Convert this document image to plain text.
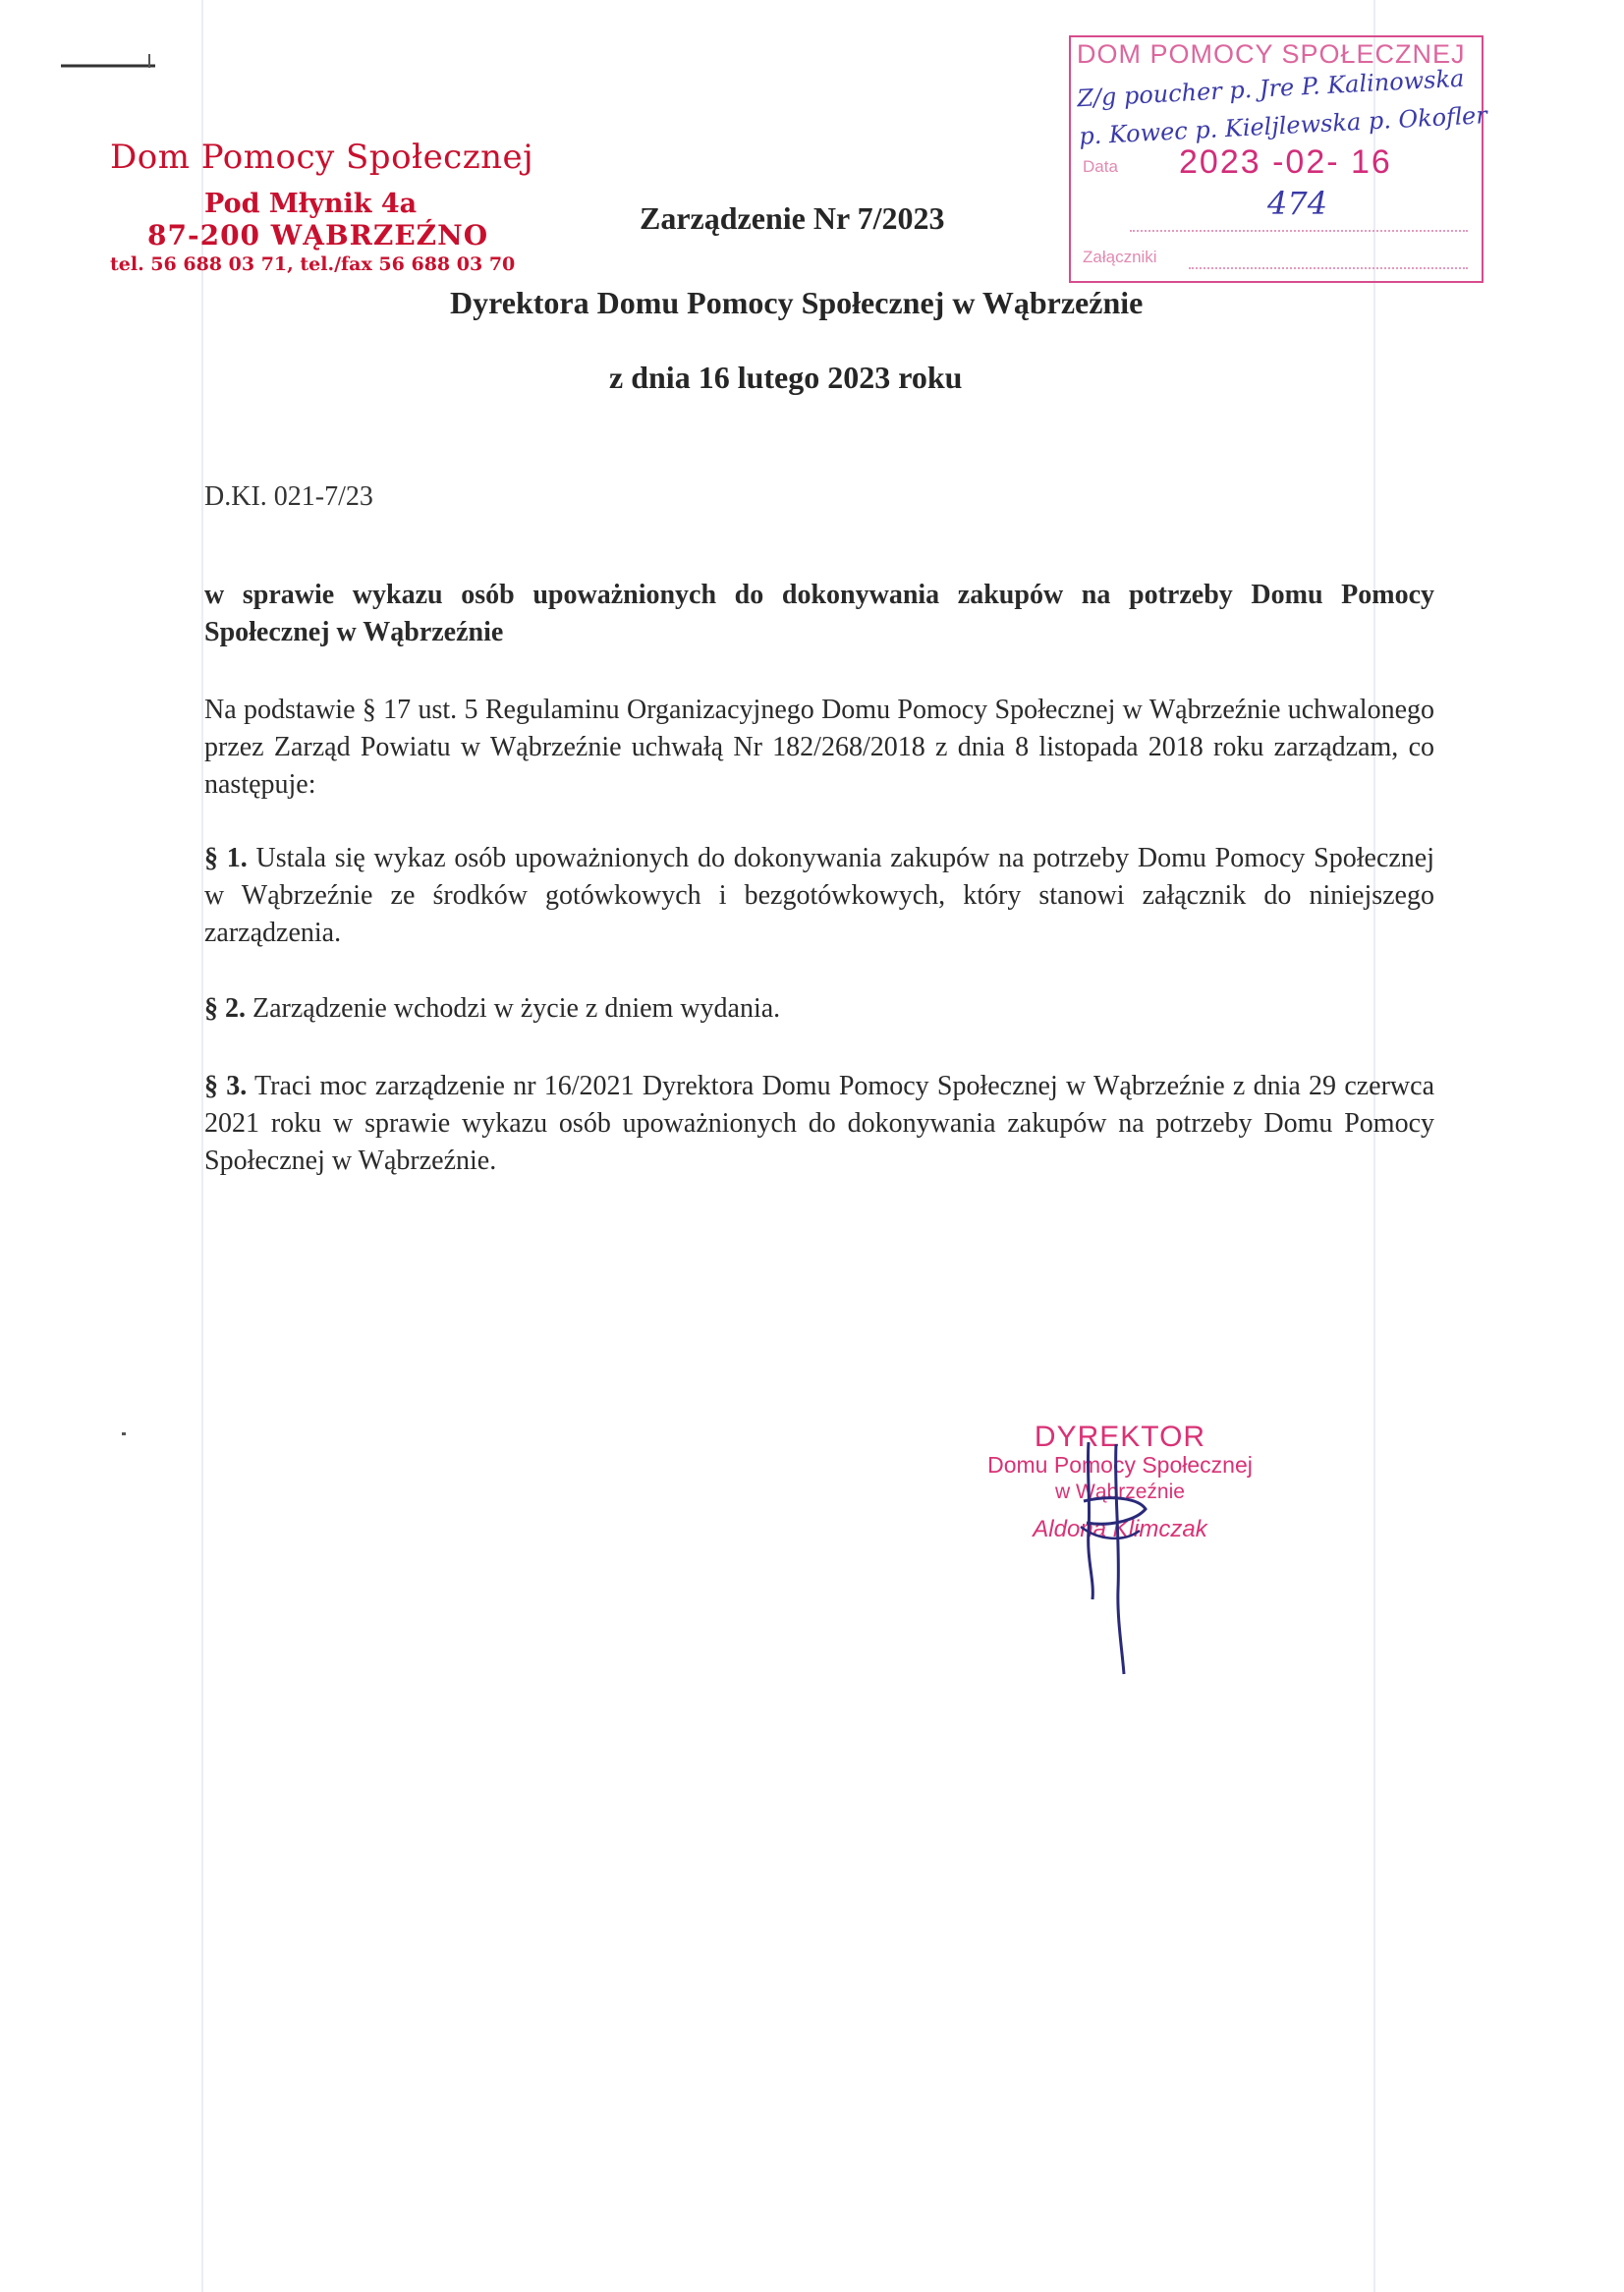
Dom Pomocy Społecznej
Pod Młynik 4a
87-200 WĄBRZEŹNO
tel. 56 688 03 71, tel./fax 56 688 03 70
DOM POMOCY SPOŁECZNEJ
Z/g poucher p. Jre P. Kalinowska
p. Kowec p. Kieljlewska p. Okofler
Data 2023 -02- 16
474
Załączniki
Zarządzenie Nr 7/2023
Dyrektora Domu Pomocy Społecznej w Wąbrzeźnie
z dnia 16 lutego 2023 roku
D.KI. 021-7/23
w sprawie wykazu osób upoważnionych do dokonywania zakupów na potrzeby Domu Pomocy Społecznej w Wąbrzeźnie
Na podstawie § 17 ust. 5 Regulaminu Organizacyjnego Domu Pomocy Społecznej w Wąbrzeźnie uchwalonego przez Zarząd Powiatu w Wąbrzeźnie uchwałą Nr 182/268/2018 z dnia 8 listopada 2018 roku zarządzam, co następuje:
§ 1. Ustala się wykaz osób upoważnionych do dokonywania zakupów na potrzeby Domu Pomocy Społecznej w Wąbrzeźnie ze środków gotówkowych i bezgotówkowych, który stanowi załącznik do niniejszego zarządzenia.
§ 2. Zarządzenie wchodzi w życie z dniem wydania.
§ 3. Traci moc zarządzenie nr 16/2021 Dyrektora Domu Pomocy Społecznej w Wąbrzeźnie z dnia 29 czerwca 2021 roku w sprawie wykazu osób upoważnionych do dokonywania zakupów na potrzeby Domu Pomocy Społecznej w Wąbrzeźnie.
DYREKTOR
Domu Pomocy Społecznej
w Wąbrzeźnie
Aldona Klimczak
